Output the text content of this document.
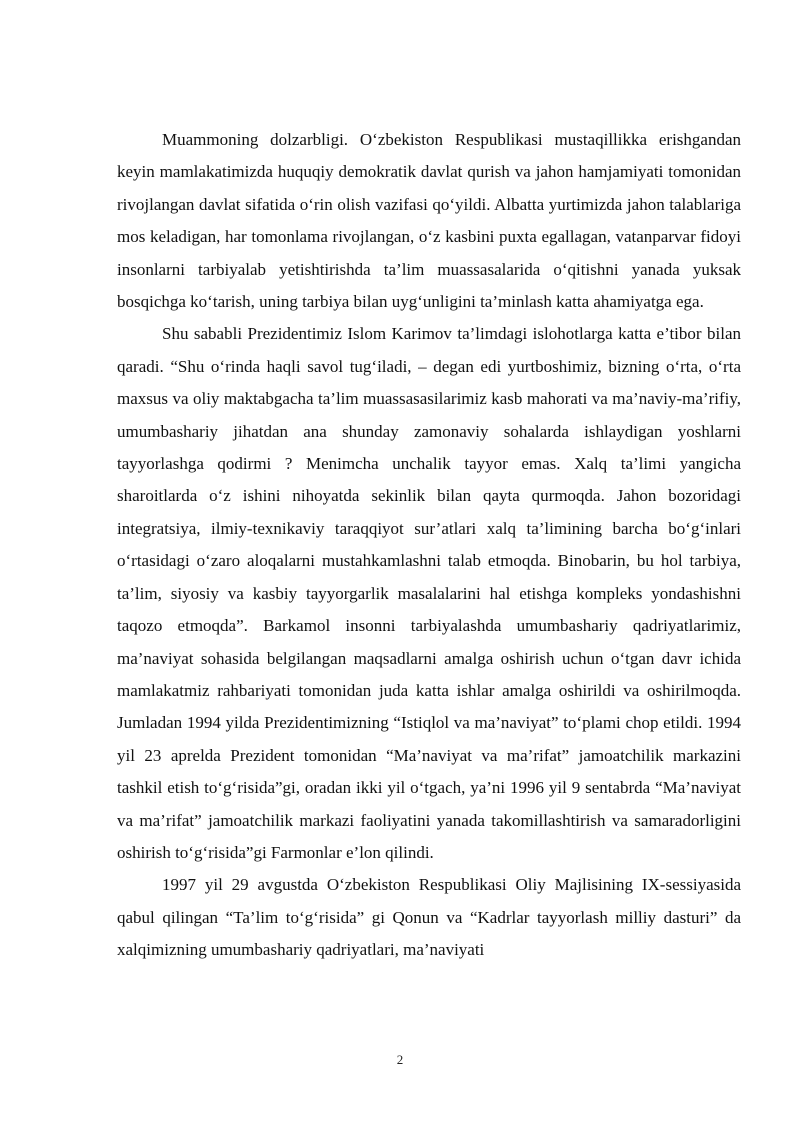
Muammoning dolzarbligi. O‘zbekiston Respublikasi mustaqillikka erishgandan keyin mamlakatimizda huquqiy demokratik davlat qurish va jahon hamjamiyati tomonidan rivojlangan davlat sifatida o‘rin olish vazifasi qo‘yildi. Albatta yurtimizda jahon talablariga mos keladigan, har tomonlama rivojlangan, o‘z kasbini puxta egallagan, vatanparvar fidoyi insonlarni tarbiyalab yetishtirishda ta’lim muassasalarida o‘qitishni yanada yuksak bosqichga ko‘tarish, uning tarbiya bilan uyg‘unligini ta’minlash katta ahamiyatga ega.

Shu sababli Prezidentimiz Islom Karimov ta’limdagi islohotlarga katta e’tibor bilan qaradi. “Shu o‘rinda haqli savol tug‘iladi, – degan edi yurtboshimiz, bizning o‘rta, o‘rta maxsus va oliy maktabgacha ta’lim muassasasilarimiz kasb mahorati va ma’naviy-ma’rifiy, umumbashariy jihatdan ana shunday zamonaviy sohalarda ishlaydigan yoshlarni tayyorlashga qodirmi ? Menimcha unchalik tayyor emas. Xalq ta’limi yangicha sharoitlarda o‘z ishini nihoyatda sekinlik bilan qayta qurmoqda. Jahon bozoridagi integratsiya, ilmiy-texnikaviy taraqqiyot sur’atlari xalq ta’limining barcha bo‘g‘inlari o‘rtasidagi o‘zaro aloqalarni mustahkamlashni talab etmoqda. Binobarin, bu hol tarbiya, ta’lim, siyosiy va kasbiy tayyorgarlik masalalarini hal etishga kompleks yondashishni taqozo etmoqda”. Barkamol insonni tarbiyalashda umumbashariy qadriyatlarimiz, ma’naviyat sohasida belgilangan maqsadlarni amalga oshirish uchun o‘tgan davr ichida mamlakatmiz rahbariyati tomonidan juda katta ishlar amalga oshirildi va oshirilmoqda. Jumladan 1994 yilda Prezidentimizning “Istiqlol va ma’naviyat” to‘plami chop etildi. 1994 yil 23 aprelda Prezident tomonidan “Ma’naviyat va ma’rifat” jamoatchilik markazini tashkil etish to‘g‘risida”gi, oradan ikki yil o‘tgach, ya’ni 1996 yil 9 sentabrda “Ma’naviyat va ma’rifat” jamoatchilik markazi faoliyatini yanada takomillashtirish va samaradorligini oshirish to‘g‘risida”gi Farmonlar e’lon qilindi.

1997 yil 29 avgustda O‘zbekiston Respublikasi Oliy Majlisining IX-sessiyasida qabul qilingan “Ta’lim to‘g‘risida” gi Qonun va “Kadrlar tayyorlash milliy dasturi” da xalqimizning umumbashariy qadriyatlari, ma’naviyati

2
